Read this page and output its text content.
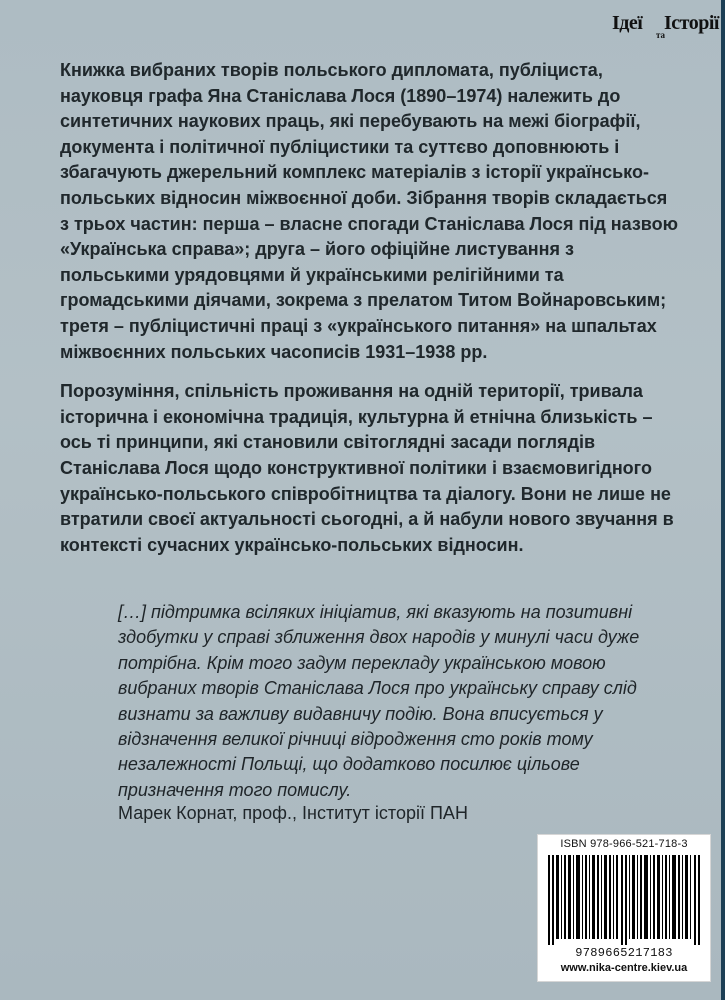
Ідеї
та
Історії

Книжка вибраних творів польського дипломата, публіциста, науковця графа Яна Станіслава Лося (1890–1974) належить до синтетичних наукових праць, які перебувають на межі біографії, документа і політичної публіцистики та суттєво доповнюють і збагачують джерельний комплекс матеріалів з історії українсько-польських відносин міжвоєнної доби. Зібрання творів складається з трьох частин: перша – власне спогади Станіслава Лося під назвою «Українська справа»; друга – його офіційне листування з польськими урядовцями й українськими релігійними та громадськими діячами, зокрема з прелатом Титом Войнаровським; третя – публіцистичні праці з «українського питання» на шпальтах міжвоєнних польських часописів 1931–1938 рр.

Порозуміння, спільність проживання на одній території, тривала історична і економічна традиція, культурна й етнічна близькість – ось ті принципи, які становили світоглядні засади поглядів Станіслава Лося щодо конструктивної політики і взаємовигідного українсько-польського співробітництва та діалогу. Вони не лише не втратили своєї актуальності сьогодні, а й набули нового звучання в контексті сучасних українсько-польських відносин.

[…] підтримка всіляких ініціатив, які вказують на позитивні здобутки у справі зближення двох народів у минулі часи дуже потрібна. Крім того задум перекладу українською мовою вибраних творів Станіслава Лося про українську справу слід визнати за важливу видавничу подію. Вона вписується у відзначення великої річниці відродження сто років тому незалежності Польщі, що додатково посилює цільове призначення того помислу.

Марек Корнат, проф., Інститут історії ПАН
ISBN 978-966-521-718-3
9789665217183
www.nika-centre.kiev.ua
